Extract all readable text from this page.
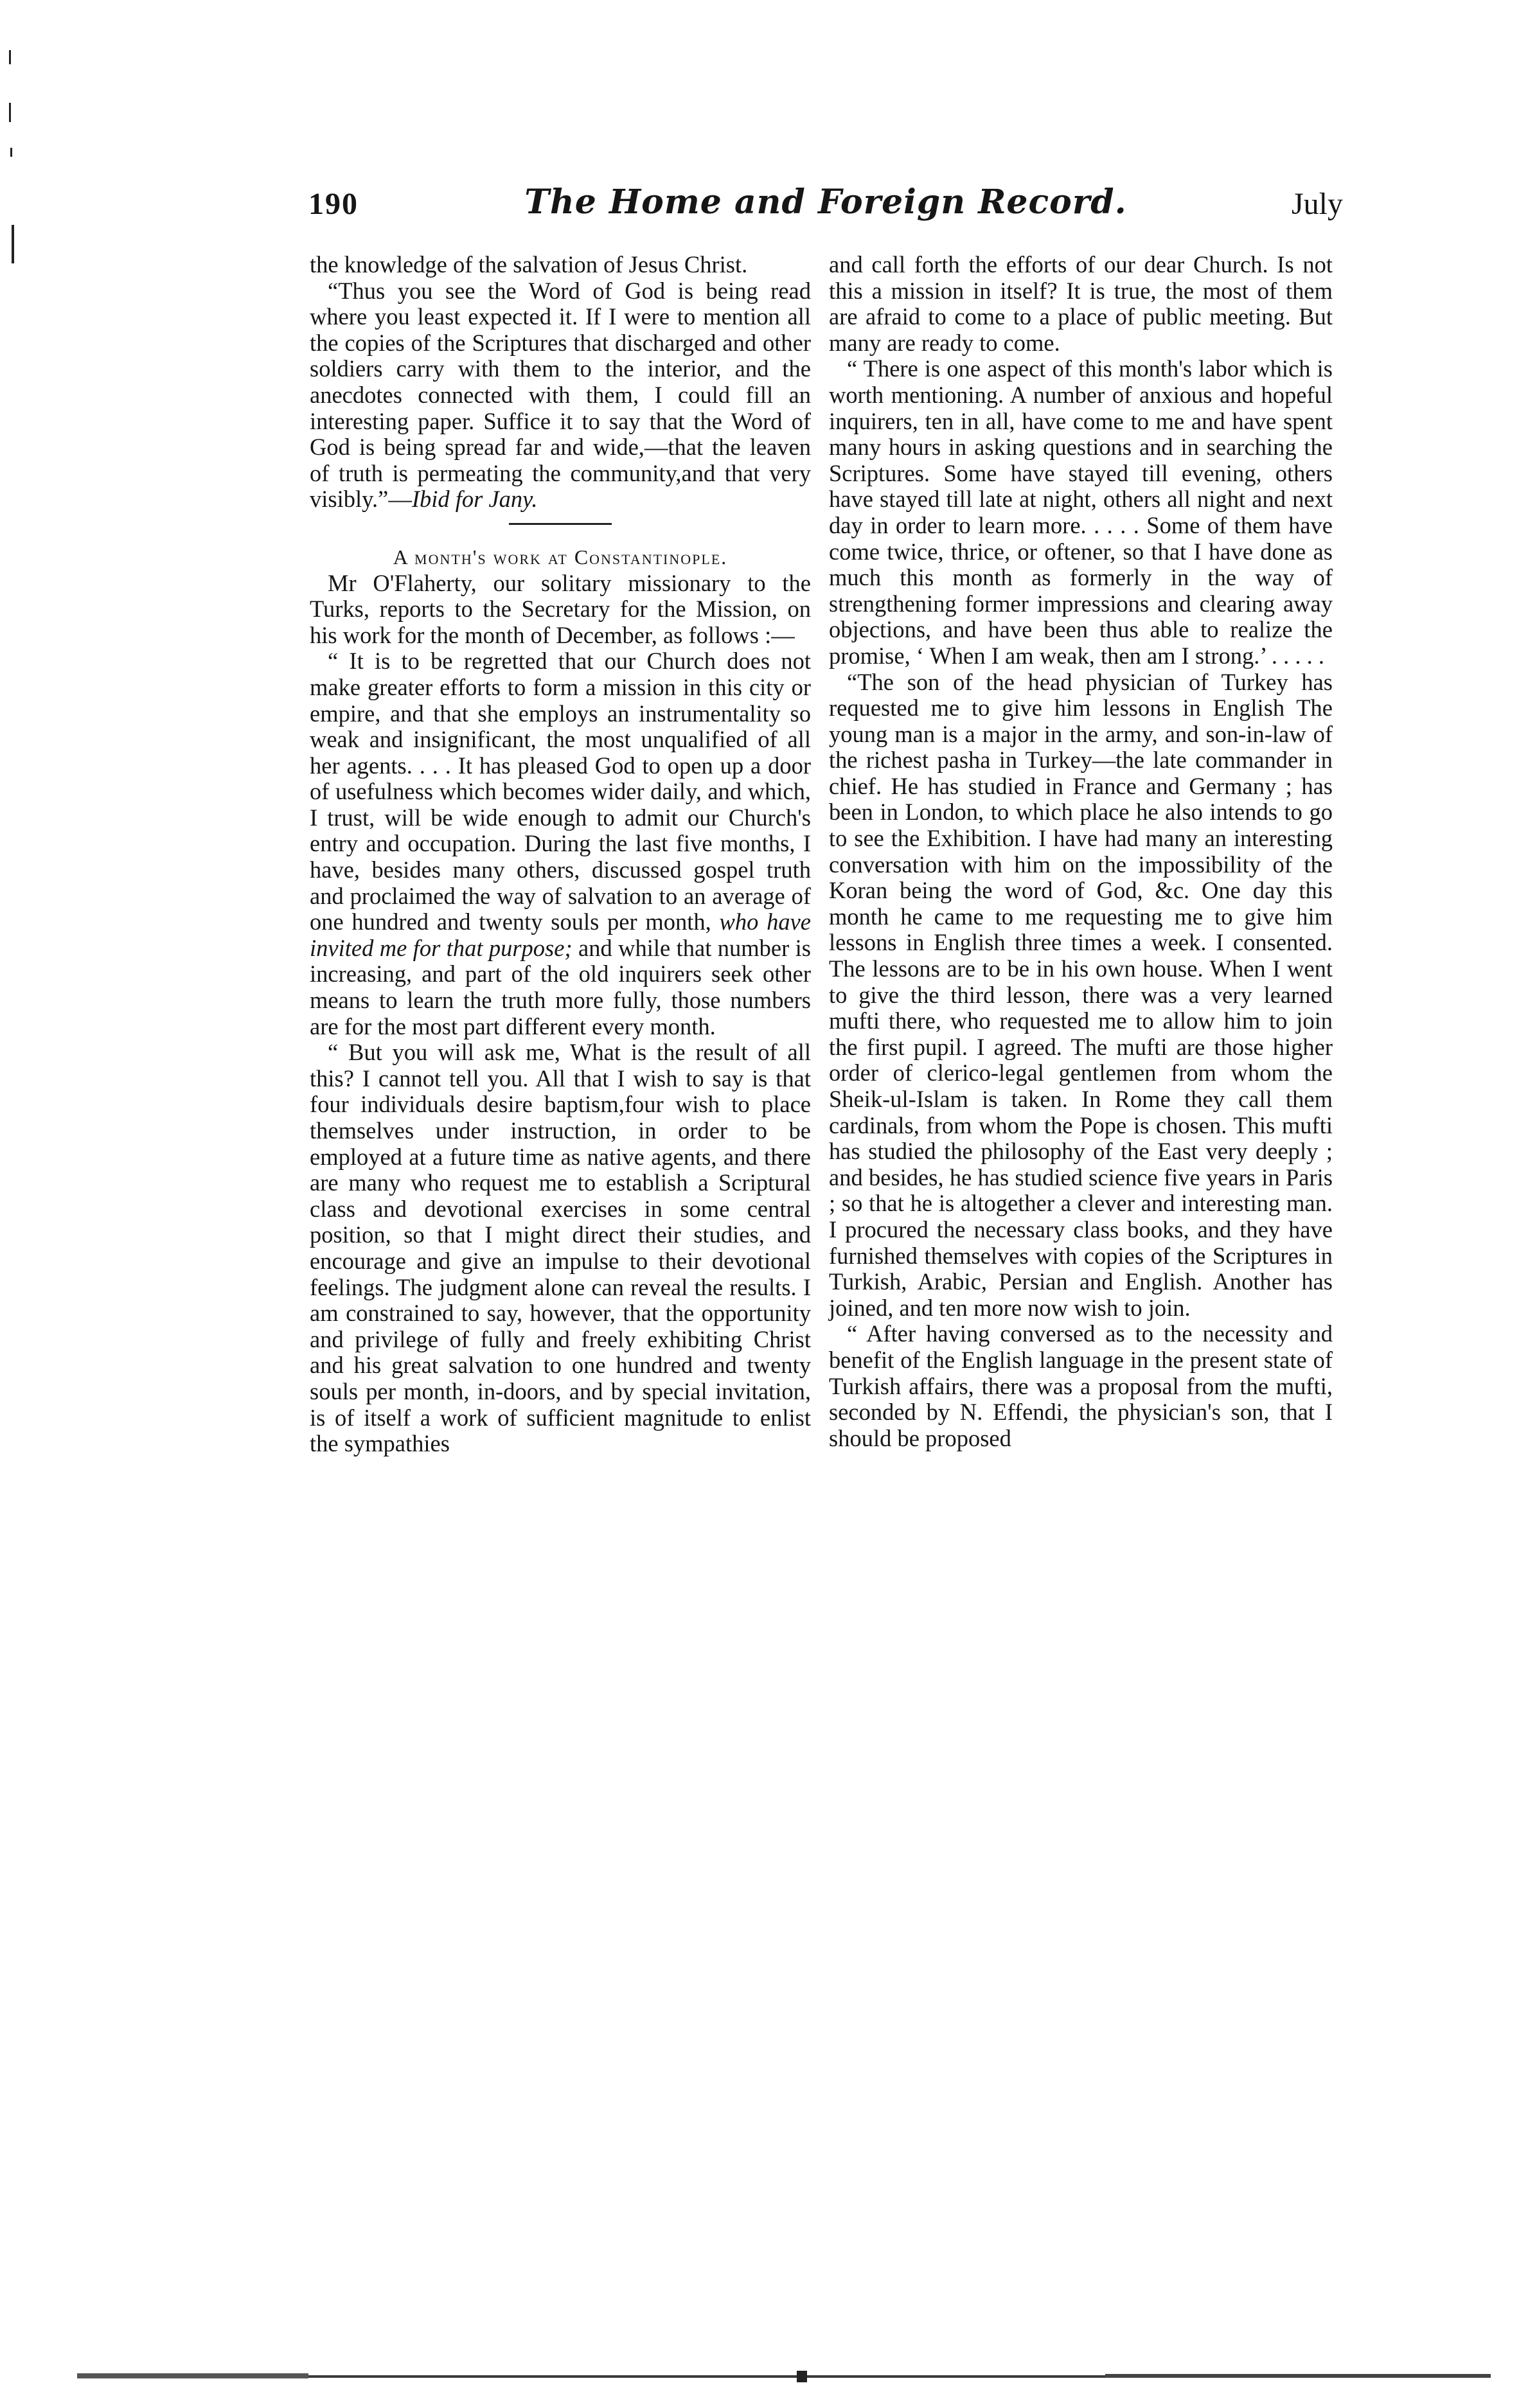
190	The Home and Foreign Record.	July

the knowledge of the salvation of Jesus Christ.

“Thus you see the Word of God is being read where you least expected it. If I were to mention all the copies of the Scriptures that discharged and other soldiers carry with them to the interior, and the anecdotes connected with them, I could fill an interesting paper. Suffice it to say that the Word of God is being spread far and wide,—that the leaven of truth is permeating the community,and that very visibly.”—Ibid for Jany.

A month's work at Constantinople.

Mr O'Flaherty, our solitary missionary to the Turks, reports to the Secretary for the Mission, on his work for the month of December, as follows :—

“ It is to be regretted that our Church does not make greater efforts to form a mission in this city or empire, and that she employs an instrumentality so weak and insignificant, the most unqualified of all her agents. . . . It has pleased God to open up a door of usefulness which becomes wider daily, and which, I trust, will be wide enough to admit our Church's entry and occupation. During the last five months, I have, besides many others, discussed gospel truth and proclaimed the way of salvation to an average of one hundred and twenty souls per month, who have invited me for that purpose; and while that number is increasing, and part of the old inquirers seek other means to learn the truth more fully, those numbers are for the most part different every month.

“ But you will ask me, What is the result of all this? I cannot tell you. All that I wish to say is that four individuals desire baptism,four wish to place themselves under instruction, in order to be employed at a future time as native agents, and there are many who request me to establish a Scriptural class and devotional exercises in some central position, so that I might direct their studies, and encourage and give an impulse to their devotional feelings. The judgment alone can reveal the results. I am constrained to say, however, that the opportunity and privilege of fully and freely exhibiting Christ and his great salvation to one hundred and twenty souls per month, in-doors, and by special invitation, is of itself a work of sufficient magnitude to enlist the sympathies

and call forth the efforts of our dear Church. Is not this a mission in itself? It is true, the most of them are afraid to come to a place of public meeting. But many are ready to come.

“ There is one aspect of this month's labor which is worth mentioning. A number of anxious and hopeful inquirers, ten in all, have come to me and have spent many hours in asking questions and in searching the Scriptures. Some have stayed till evening, others have stayed till late at night, others all night and next day in order to learn more. . . . . Some of them have come twice, thrice, or oftener, so that I have done as much this month as formerly in the way of strengthening former impressions and clearing away objections, and have been thus able to realize the promise, ‘ When I am weak, then am I strong.’ . . . . .

“The son of the head physician of Turkey has requested me to give him lessons in English The young man is a major in the army, and son-in-law of the richest pasha in Turkey—the late commander in chief. He has studied in France and Germany ; has been in London, to which place he also intends to go to see the Exhibition. I have had many an interesting conversation with him on the impossibility of the Koran being the word of God, &c. One day this month he came to me requesting me to give him lessons in English three times a week. I consented. The lessons are to be in his own house. When I went to give the third lesson, there was a very learned mufti there, who requested me to allow him to join the first pupil. I agreed. The mufti are those higher order of clerico-legal gentlemen from whom the Sheik-ul-Islam is taken. In Rome they call them cardinals, from whom the Pope is chosen. This mufti has studied the philosophy of the East very deeply ; and besides, he has studied science five years in Paris ; so that he is altogether a clever and interesting man. I procured the necessary class books, and they have furnished themselves with copies of the Scriptures in Turkish, Arabic, Persian and English. Another has joined, and ten more now wish to join.

“ After having conversed as to the necessity and benefit of the English language in the present state of Turkish affairs, there was a proposal from the mufti, seconded by N. Effendi, the physician's son, that I should be proposed
